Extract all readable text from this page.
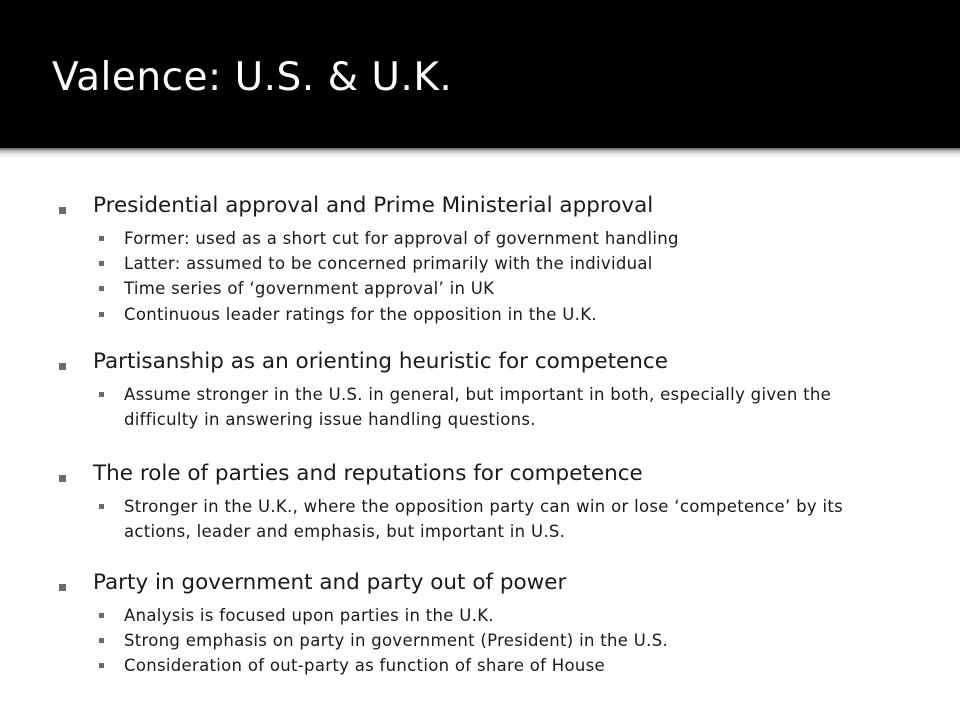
Valence: U.S. & U.K.
Presidential approval and Prime Ministerial approval
Former: used as a short cut for approval of government handling
Latter: assumed to be concerned primarily with the individual
Time series of ‘government approval’ in UK
Continuous leader ratings for the opposition in the U.K.
Partisanship as an orienting heuristic for competence
Assume stronger in the U.S. in general, but important in both, especially given the difficulty in answering issue handling questions.
The role of parties and reputations for competence
Stronger in the U.K., where the opposition party can win or lose ‘competence’ by its actions, leader and emphasis, but important in U.S.
Party in government and party out of power
Analysis is focused upon parties in the U.K.
Strong emphasis on party in government (President) in the U.S.
Consideration of out-party as function of share of House
